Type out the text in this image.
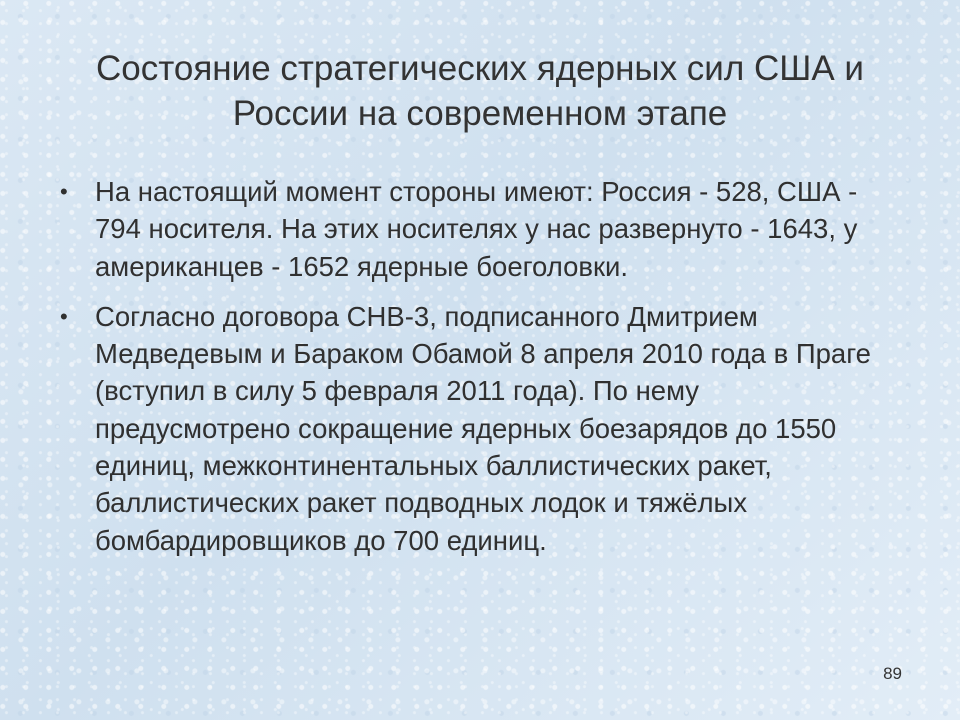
Состояние стратегических ядерных сил США и России на современном этапе
• На настоящий момент стороны имеют: Россия - 528, США - 794 носителя. На этих носителях у нас развернуто - 1643, у американцев - 1652 ядерные боеголовки.
• Согласно договора СНВ-3, подписанного Дмитрием Медведевым и Бараком Обамой 8 апреля 2010 года в Праге (вступил в силу 5 февраля 2011 года). По нему предусмотрено сокращение ядерных боезарядов до 1550 единиц, межконтинентальных баллистических ракет, баллистических ракет подводных лодок и тяжёлых бомбардировщиков до 700 единиц.
89
